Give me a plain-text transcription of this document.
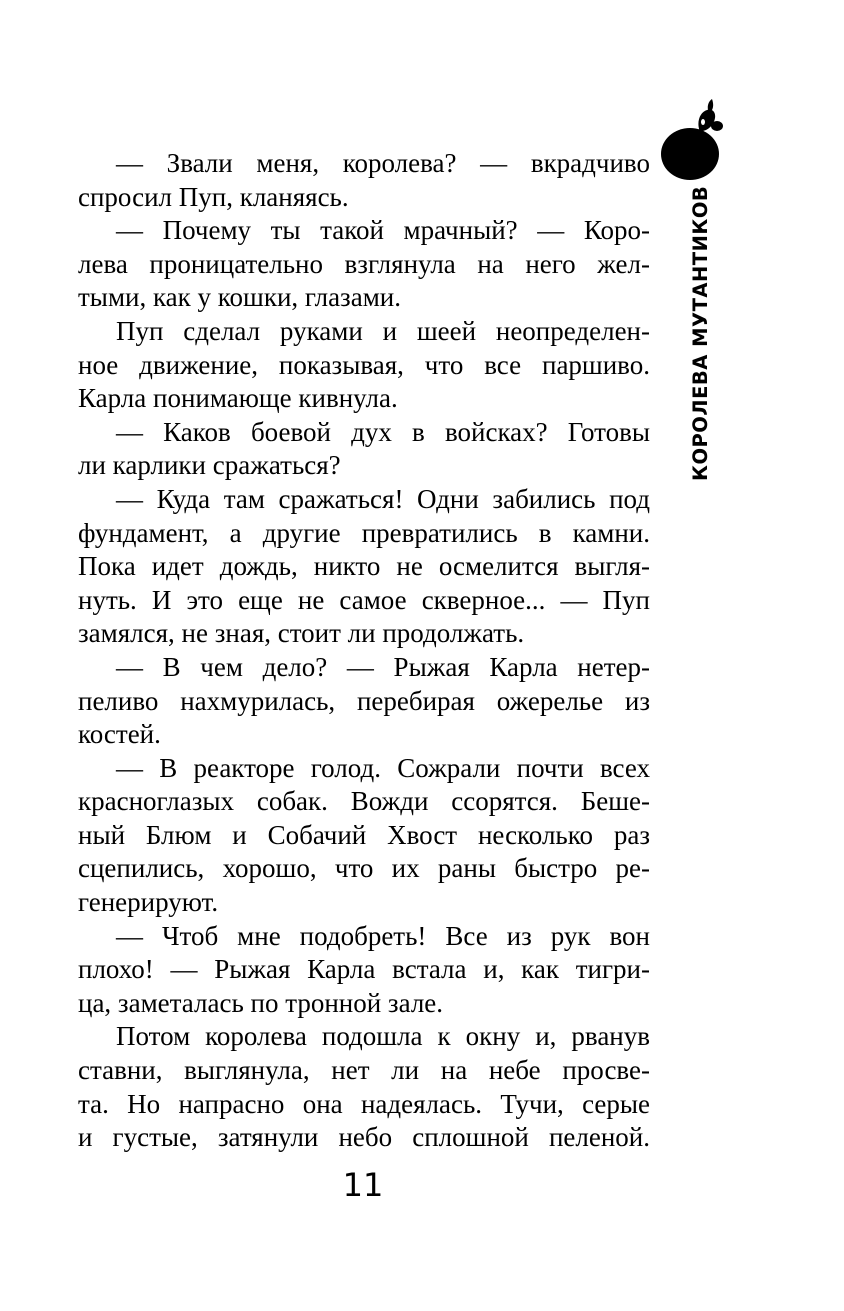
КОРОЛЕВА МУТАНТИКОВ
— Звали меня, королева? — вкрадчиво
спросил Пуп, кланяясь.
— Почему ты такой мрачный? — Коро-
лева проницательно взглянула на него жел-
тыми, как у кошки, глазами.
Пуп сделал руками и шеей неопределен-
ное движение, показывая, что все паршиво.
Карла понимающе кивнула.
— Каков боевой дух в войсках? Готовы
ли карлики сражаться?
— Куда там сражаться! Одни забились под
фундамент, а другие превратились в камни.
Пока идет дождь, никто не осмелится выгля-
нуть. И это еще не самое скверное... — Пуп
замялся, не зная, стоит ли продолжать.
— В чем дело? — Рыжая Карла нетер-
пеливо нахмурилась, перебирая ожерелье из
костей.
— В реакторе голод. Сожрали почти всех
красноглазых собак. Вожди ссорятся. Беше-
ный Блюм и Собачий Хвост несколько раз
сцепились, хорошо, что их раны быстро ре-
генерируют.
— Чтоб мне подобреть! Все из рук вон
плохо! — Рыжая Карла встала и, как тигри-
ца, заметалась по тронной зале.
Потом королева подошла к окну и, рванув
ставни, выглянула, нет ли на небе просве-
та. Но напрасно она надеялась. Тучи, серые
и густые, затянули небо сплошной пеленой.
11
